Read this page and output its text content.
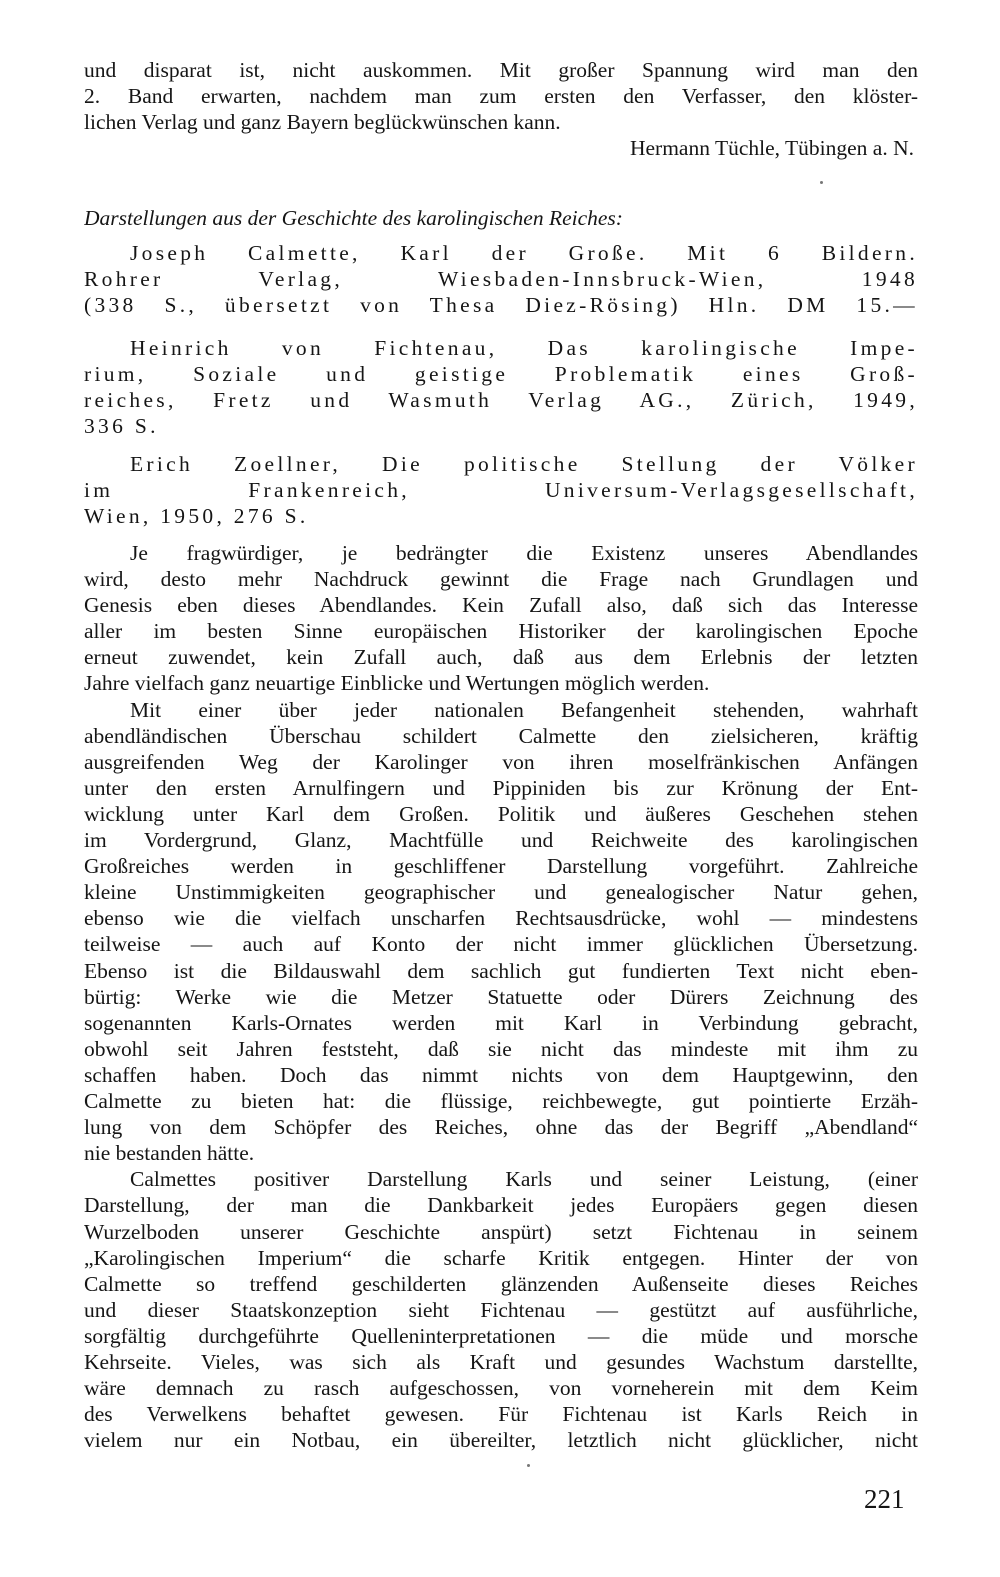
und disparat ist, nicht auskommen. Mit großer Spannung wird man den
2. Band erwarten, nachdem man zum ersten den Verfasser, den klöster-
lichen Verlag und ganz Bayern beglückwünschen kann.
Hermann Tüchle, Tübingen a. N.
Darstellungen aus der Geschichte des karolingischen Reiches:
Joseph Calmette, Karl der Große. Mit 6 Bildern.
Rohrer Verlag, Wiesbaden-Innsbruck-Wien, 1948
(338 S., übersetzt von Thesa Diez-Rösing) Hln. DM 15.—
Heinrich von Fichtenau, Das karolingische Impe-
rium, Soziale und geistige Problematik eines Groß-
reiches, Fretz und Wasmuth Verlag AG., Zürich, 1949,
336 S.
Erich Zoellner, Die politische Stellung der Völker
im Frankenreich, Universum-Verlagsgesellschaft,
Wien, 1950, 276 S.
Je fragwürdiger, je bedrängter die Existenz unseres Abendlandes
wird, desto mehr Nachdruck gewinnt die Frage nach Grundlagen und
Genesis eben dieses Abendlandes. Kein Zufall also, daß sich das Interesse
aller im besten Sinne europäischen Historiker der karolingischen Epoche
erneut zuwendet, kein Zufall auch, daß aus dem Erlebnis der letzten
Jahre vielfach ganz neuartige Einblicke und Wertungen möglich werden.
Mit einer über jeder nationalen Befangenheit stehenden, wahrhaft
abendländischen Überschau schildert Calmette den zielsicheren, kräftig
ausgreifenden Weg der Karolinger von ihren moselfränkischen Anfängen
unter den ersten Arnulfingern und Pippiniden bis zur Krönung der Ent-
wicklung unter Karl dem Großen. Politik und äußeres Geschehen stehen
im Vordergrund, Glanz, Machtfülle und Reichweite des karolingischen
Großreiches werden in geschliffener Darstellung vorgeführt. Zahlreiche
kleine Unstimmigkeiten geographischer und genealogischer Natur gehen,
ebenso wie die vielfach unscharfen Rechtsausdrücke, wohl — mindestens
teilweise — auch auf Konto der nicht immer glücklichen Übersetzung.
Ebenso ist die Bildauswahl dem sachlich gut fundierten Text nicht eben-
bürtig: Werke wie die Metzer Statuette oder Dürers Zeichnung des
sogenannten Karls-Ornates werden mit Karl in Verbindung gebracht,
obwohl seit Jahren feststeht, daß sie nicht das mindeste mit ihm zu
schaffen haben. Doch das nimmt nichts von dem Hauptgewinn, den
Calmette zu bieten hat: die flüssige, reichbewegte, gut pointierte Erzäh-
lung von dem Schöpfer des Reiches, ohne das der Begriff „Abendland“
nie bestanden hätte.
Calmettes positiver Darstellung Karls und seiner Leistung, (einer
Darstellung, der man die Dankbarkeit jedes Europäers gegen diesen
Wurzelboden unserer Geschichte anspürt) setzt Fichtenau in seinem
„Karolingischen Imperium“ die scharfe Kritik entgegen. Hinter der von
Calmette so treffend geschilderten glänzenden Außenseite dieses Reiches
und dieser Staatskonzeption sieht Fichtenau — gestützt auf ausführliche,
sorgfältig durchgeführte Quelleninterpretationen — die müde und morsche
Kehrseite. Vieles, was sich als Kraft und gesundes Wachstum darstellte,
wäre demnach zu rasch aufgeschossen, von vorneherein mit dem Keim
des Verwelkens behaftet gewesen. Für Fichtenau ist Karls Reich in
vielem nur ein Notbau, ein übereilter, letztlich nicht glücklicher, nicht
221
